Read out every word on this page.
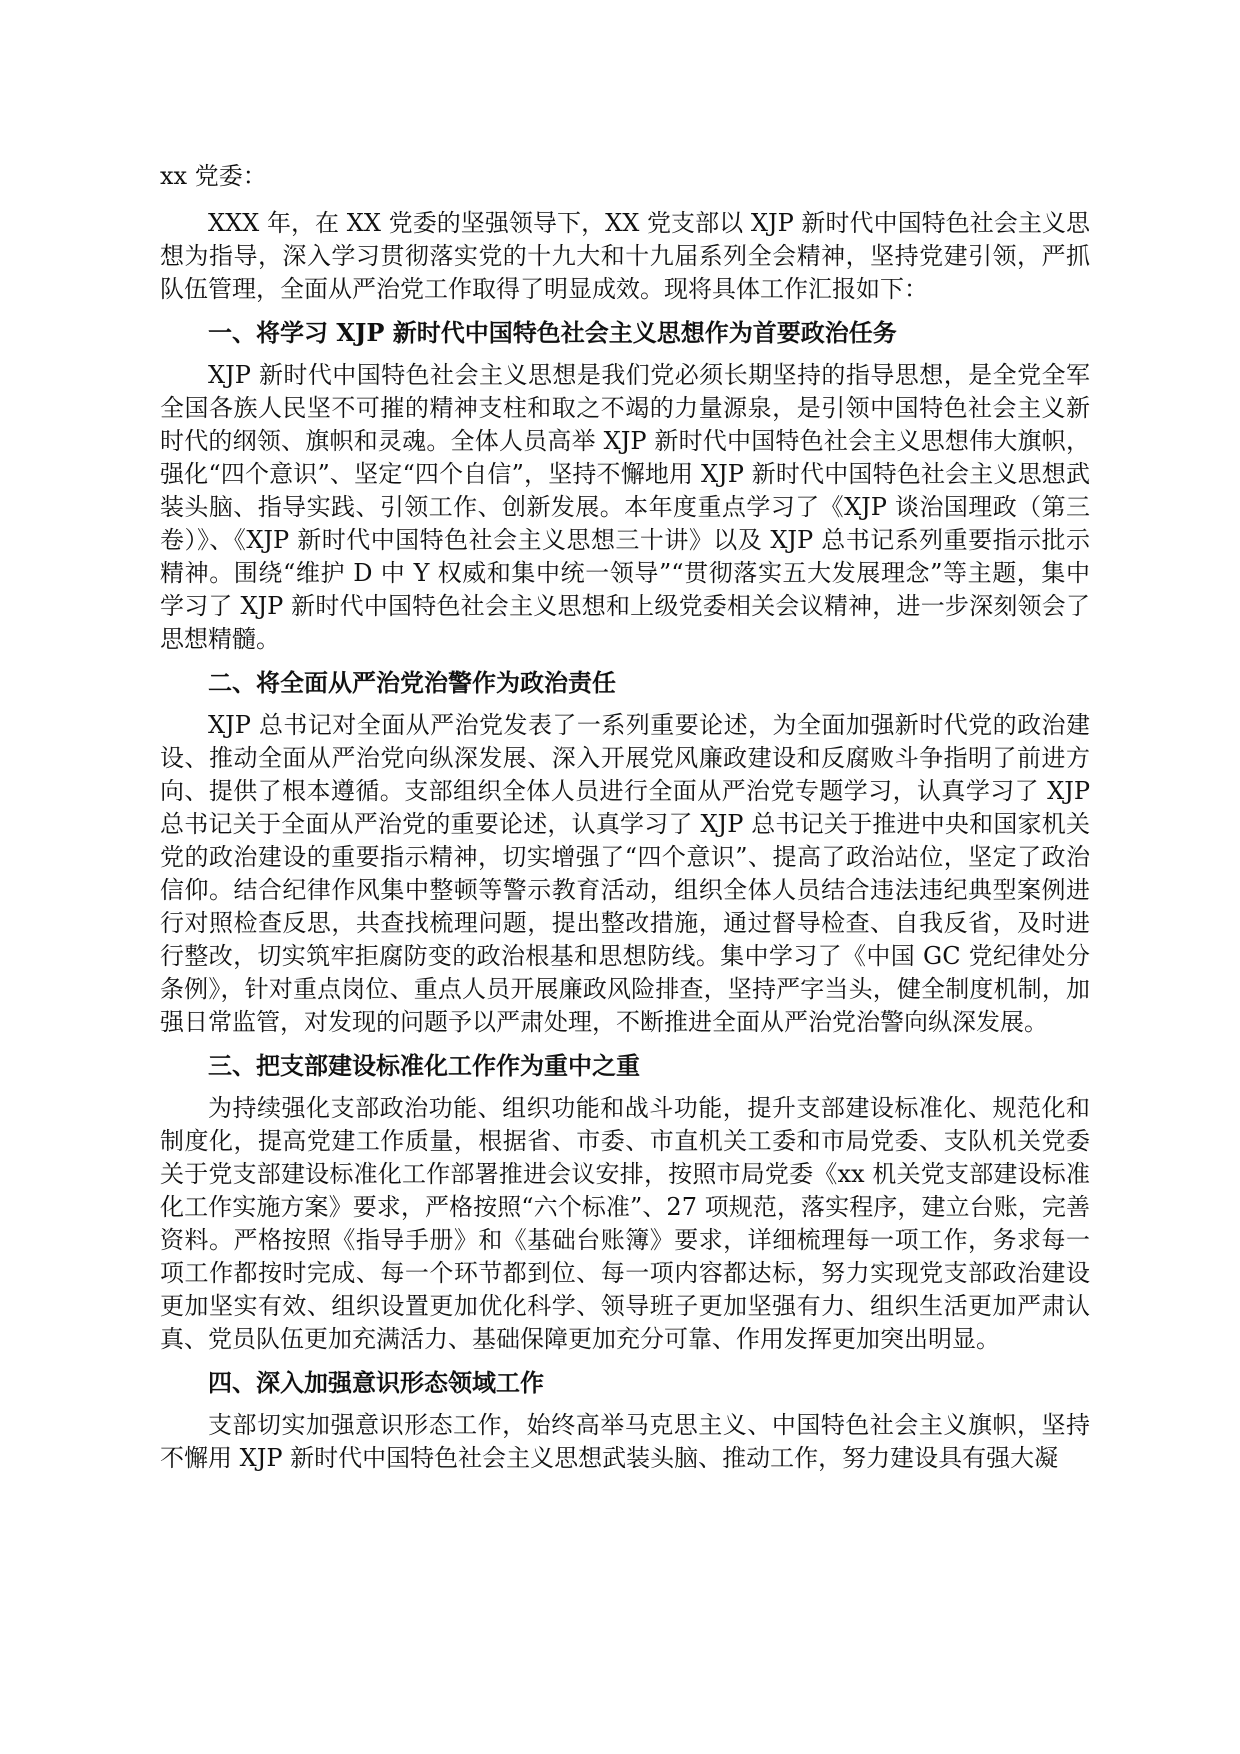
xx 党委：

XXX 年，在 XX 党委的坚强领导下，XX 党支部以 XJP 新时代中国特色社会主义思想为指导，深入学习贯彻落实党的十九大和十九届系列全会精神，坚持党建引领，严抓队伍管理，全面从严治党工作取得了明显成效。现将具体工作汇报如下：

一、将学习 XJP 新时代中国特色社会主义思想作为首要政治任务

XJP 新时代中国特色社会主义思想是我们党必须长期坚持的指导思想，是全党全军全国各族人民坚不可摧的精神支柱和取之不竭的力量源泉，是引领中国特色社会主义新时代的纲领、旗帜和灵魂。全体人员高举 XJP 新时代中国特色社会主义思想伟大旗帜，强化“四个意识”、坚定“四个自信”，坚持不懈地用 XJP 新时代中国特色社会主义思想武装头脑、指导实践、引领工作、创新发展。本年度重点学习了《XJP 谈治国理政（第三卷）》、《XJP 新时代中国特色社会主义思想三十讲》以及 XJP 总书记系列重要指示批示精神。围绕“维护 D 中 Y 权威和集中统一领导”“贯彻落实五大发展理念”等主题，集中学习了 XJP 新时代中国特色社会主义思想和上级党委相关会议精神，进一步深刻领会了思想精髓。

二、将全面从严治党治警作为政治责任

XJP 总书记对全面从严治党发表了一系列重要论述，为全面加强新时代党的政治建设、推动全面从严治党向纵深发展、深入开展党风廉政建设和反腐败斗争指明了前进方向、提供了根本遵循。支部组织全体人员进行全面从严治党专题学习，认真学习了 XJP 总书记关于全面从严治党的重要论述，认真学习了 XJP 总书记关于推进中央和国家机关党的政治建设的重要指示精神，切实增强了“四个意识”、提高了政治站位，坚定了政治信仰。结合纪律作风集中整顿等警示教育活动，组织全体人员结合违法违纪典型案例进行对照检查反思，共查找梳理问题，提出整改措施，通过督导检查、自我反省，及时进行整改，切实筑牢拒腐防变的政治根基和思想防线。集中学习了《中国 GC 党纪律处分条例》，针对重点岗位、重点人员开展廉政风险排查，坚持严字当头，健全制度机制，加强日常监管，对发现的问题予以严肃处理，不断推进全面从严治党治警向纵深发展。

三、把支部建设标准化工作作为重中之重

为持续强化支部政治功能、组织功能和战斗功能，提升支部建设标准化、规范化和制度化，提高党建工作质量，根据省、市委、市直机关工委和市局党委、支队机关党委关于党支部建设标准化工作部署推进会议安排，按照市局党委《xx 机关党支部建设标准化工作实施方案》要求，严格按照“六个标准”、27 项规范，落实程序，建立台账，完善资料。严格按照《指导手册》和《基础台账簿》要求，详细梳理每一项工作，务求每一项工作都按时完成、每一个环节都到位、每一项内容都达标，努力实现党支部政治建设更加坚实有效、组织设置更加优化科学、领导班子更加坚强有力、组织生活更加严肃认真、党员队伍更加充满活力、基础保障更加充分可靠、作用发挥更加突出明显。

四、深入加强意识形态领域工作

支部切实加强意识形态工作，始终高举马克思主义、中国特色社会主义旗帜，坚持不懈用 XJP 新时代中国特色社会主义思想武装头脑、推动工作，努力建设具有强大凝
